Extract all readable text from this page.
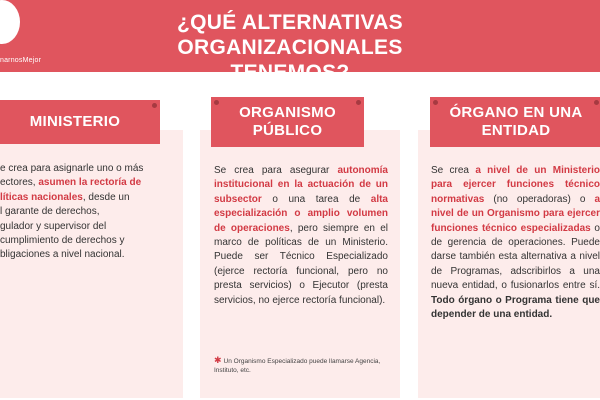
narnosMejor
¿QUÉ ALTERNATIVAS
ORGANIZACIONALES TENEMOS?
MINISTERIO
e crea para asignarle uno o más
ectores, asumen la rectoría de
líticas nacionales, desde un
l garante de derechos,
gulador y supervisor del
cumplimiento de derechos y
bligaciones a nivel nacional.
ORGANISMO
PÚBLICO
Se crea para asegurar autonomía institucional en la actuación de un subsector o una tarea de alta especialización o amplio volumen de operaciones, pero siempre en el marco de políticas de un Ministerio. Puede ser Técnico Especializado (ejerce rectoría funcional, pero no presta servicios) o Ejecutor (presta servicios, no ejerce rectoría funcional).
✱ Un Organismo Especializado puede llamarse Agencia, Instituto, etc.
ÓRGANO EN UNA
ENTIDAD
Se crea a nivel de un Ministerio para ejercer funciones técnico normativas (no operadoras) o a nivel de un Organismo para ejercer funciones técnico especializadas o de gerencia de operaciones. Puede darse también esta alternativa a nivel de Programas, adscribirlos a una nueva entidad, o fusionarlos entre sí. Todo órgano o Programa tiene que depender de una entidad.
